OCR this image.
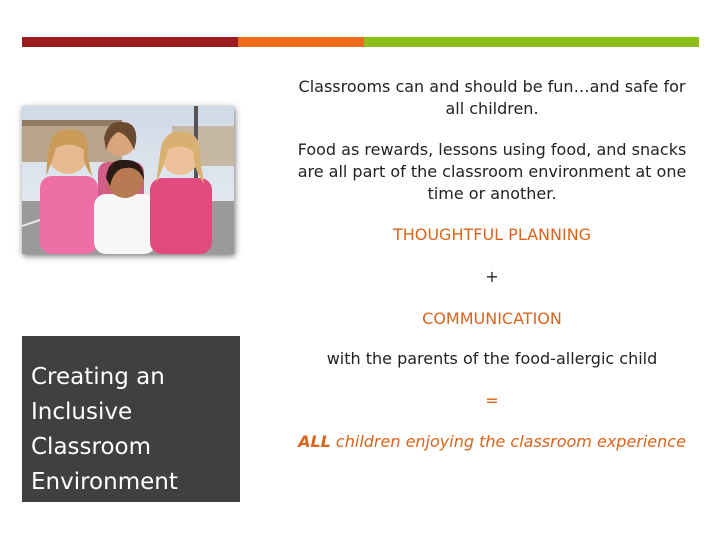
Creating an
Inclusive
Classroom
Environment
Classrooms can and should be fun…and safe for all children.
Food as rewards, lessons using food, and snacks are all part of the classroom environment at one time or another.
THOUGHTFUL PLANNING
+
COMMUNICATION
with the parents of the food-allergic child
=
ALL children enjoying the classroom experience
